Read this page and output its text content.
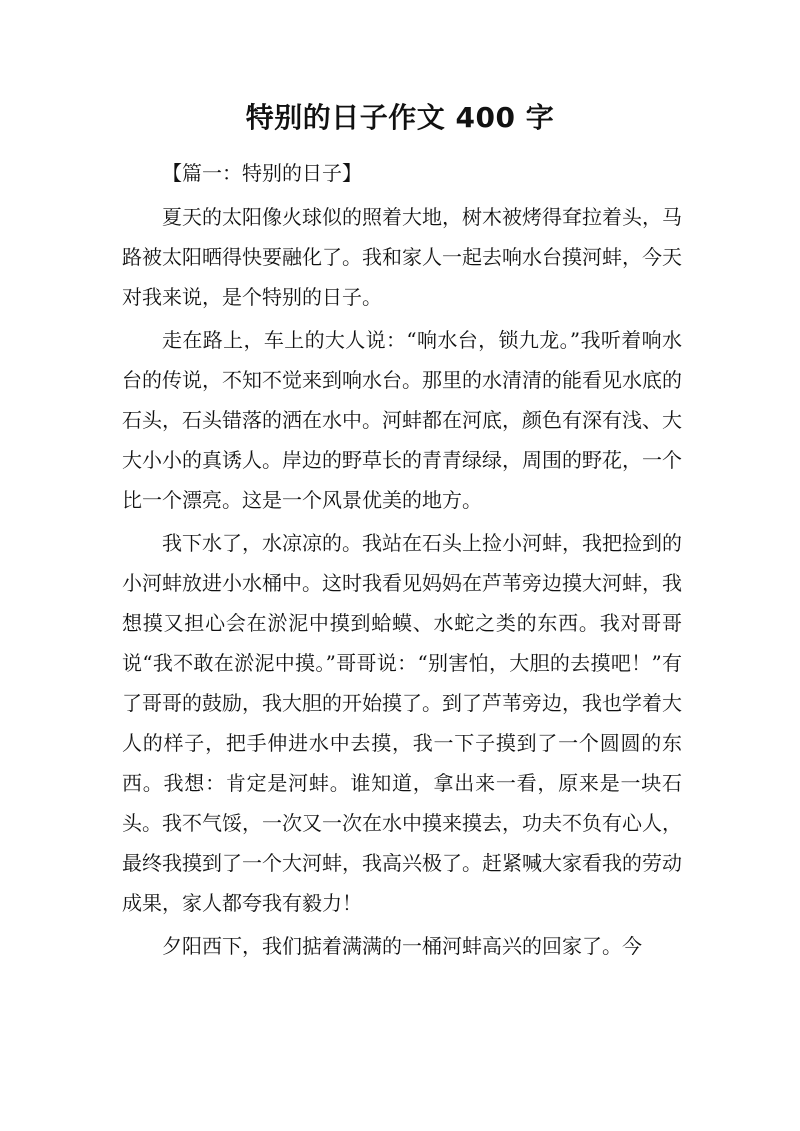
特别的日子作文 400 字

【篇一：特别的日子】

夏天的太阳像火球似的照着大地，树木被烤得耷拉着头，马路被太阳晒得快要融化了。我和家人一起去响水台摸河蚌，今天对我来说，是个特别的日子。

走在路上，车上的大人说：“响水台，锁九龙。”我听着响水台的传说，不知不觉来到响水台。那里的水清清的能看见水底的石头，石头错落的洒在水中。河蚌都在河底，颜色有深有浅、大大小小的真诱人。岸边的野草长的青青绿绿，周围的野花，一个比一个漂亮。这是一个风景优美的地方。

我下水了，水凉凉的。我站在石头上捡小河蚌，我把捡到的小河蚌放进小水桶中。这时我看见妈妈在芦苇旁边摸大河蚌，我想摸又担心会在淤泥中摸到蛤蟆、水蛇之类的东西。我对哥哥说“我不敢在淤泥中摸。”哥哥说：“别害怕，大胆的去摸吧！”有了哥哥的鼓励，我大胆的开始摸了。到了芦苇旁边，我也学着大人的样子，把手伸进水中去摸，我一下子摸到了一个圆圆的东西。我想：肯定是河蚌。谁知道，拿出来一看，原来是一块石头。我不气馁，一次又一次在水中摸来摸去，功夫不负有心人，最终我摸到了一个大河蚌，我高兴极了。赶紧喊大家看我的劳动成果，家人都夸我有毅力！

夕阳西下，我们掂着满满的一桶河蚌高兴的回家了。今
